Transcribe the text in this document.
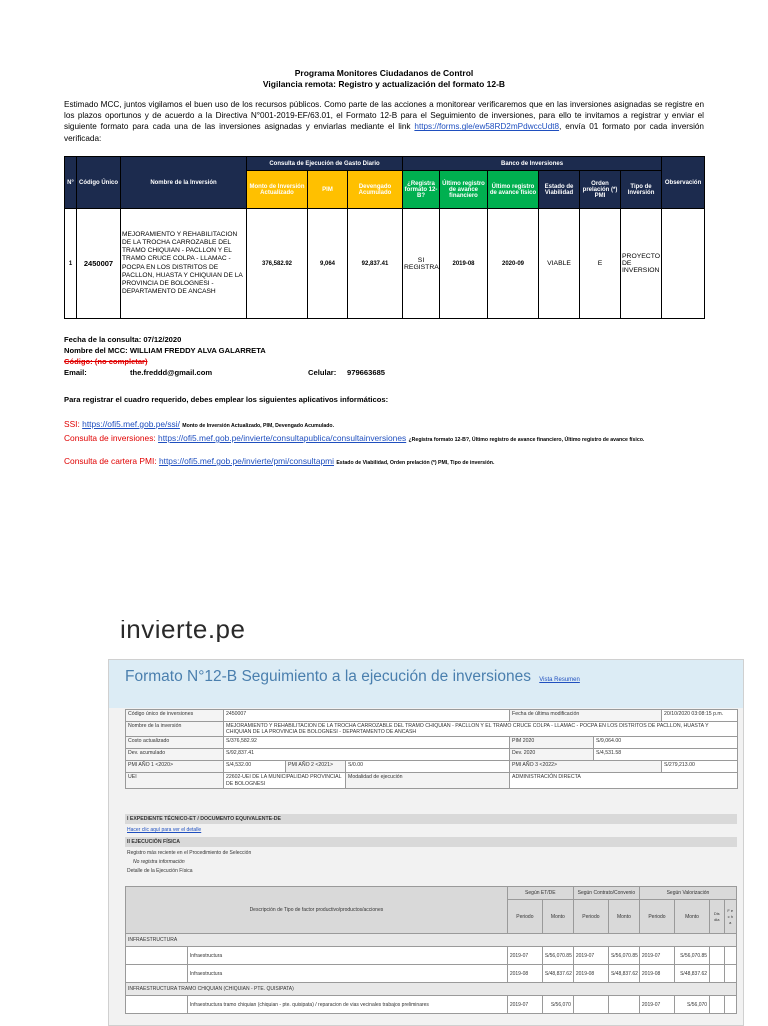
Programa Monitores Ciudadanos de Control
Vigilancia remota: Registro y actualización del formato 12-B
Estimado MCC, juntos vigilamos el buen uso de los recursos públicos. Como parte de las acciones a monitorear verificaremos que en las inversiones asignadas se registre en los plazos oportunos y de acuerdo a la Directiva N°001-2019-EF/63.01, el Formato 12-B para el Seguimiento de inversiones, para ello te invitamos a registrar y enviar el siguiente formato para cada una de las inversiones asignadas y enviarlas mediante el link https://forms.gle/ew58RD2mPdwccUdt8, envía 01 formato por cada inversión verificada:
N°	Código Único	Nombre de la Inversión	Consulta de Ejecución de Gasto Diario			Banco de Inversiones						Observación
			Monto de Inversión Actualizado	PIM	Devengado Acumulado	¿Registra formato 12-B?	Último registro de avance financiero	Último registro de avance físico	Estado de Viabilidad	Orden prelación (*) PMI	Tipo de Inversión	
1	2450007	MEJORAMIENTO Y REHABILITACION DE LA TROCHA CARROZABLE DEL TRAMO CHIQUIAN - PACLLON Y EL TRAMO CRUCE COLPA - LLAMAC - POCPA EN LOS DISTRITOS DE PACLLON, HUASTA Y CHIQUIAN DE LA PROVINCIA DE BOLOGNESI - DEPARTAMENTO DE ANCASH	376,582.92	9,064	92,837.41	SI REGISTRA	2019-08	2020-09	VIABLE	E	PROYECTO DE INVERSION	
Fecha de la consulta: 07/12/2020
Nombre del MCC: WILLIAM FREDDY ALVA GALARRETA
Código: (no completar)
Email:	the.freddd@gmail.com	Celular: 979663685
Para registrar el cuadro requerido, debes emplear los siguientes aplicativos informáticos:
SSI: https://ofi5.mef.gob.pe/ssi/ Monto de Inversión Actualizado, PIM, Devengado Acumulado.
Consulta de inversiones: https://ofi5.mef.gob.pe/invierte/consultapublica/consultainversiones ¿Registra formato 12-B?, Último registro de avance financiero, Último registro de avance físico.
Consulta de cartera PMI: https://ofi5.mef.gob.pe/invierte/pmi/consultapmi Estado de Viabilidad, Orden prelación (*) PMI, Tipo de inversión.
invierte.pe
Formato N°12-B Seguimiento a la ejecución de inversiones Vista Resumen
Código único de inversiones	2450007			Fecha de última modificación		20/10/2020 03:08:15 p.m.
Nombre de la inversión	MEJORAMIENTO Y REHABILITACION DE LA TROCHA CARROZABLE DEL TRAMO CHIQUIAN - PACLLON Y EL TRAMO CRUCE COLPA - LLAMAC - POCPA EN LOS DISTRITOS DE PACLLON, HUASTA Y CHIQUIAN DE LA PROVINCIA DE BOLOGNESI - DEPARTAMENTO DE ANCASH					
Costo actualizado	S/376,582.92			PIM 2020	S/9,064.00	
Dev. acumulado	S/92,837.41			Dev. 2020	S/4,531.58	
PMI AÑO 1 <2020>	S/4,532.00	PMI AÑO 2 <2021>	S/0.00	PMI AÑO 3 <2022>		S/279,213.00
UEI	22602-UEI DE LA MUNICIPALIDAD PROVINCIAL DE BOLOGNESI		Modalidad de ejecución	ADMINISTRACIÓN DIRECTA		
I EXPEDIENTE TÉCNICO-ET / DOCUMENTO EQUIVALENTE-DE
Hacer clic aquí para ver el detalle
II EJECUCIÓN FÍSICA
Registro más reciente en el Procedimiento de Selección
No registra información
Detalle de la Ejecución Física
Descripción de Tipo de factor productivo/productos/acciones		Según ET/DE		Según Contrato/Convenio		Según Valorización			
		Periodo	Monto	Periodo	Monto	Periodo	Monto	Dis dia	F e c h a
INFRAESTRUCTURA									
	Infraestructura	2019-07	S/56,070.85	2019-07	S/56,070.85	2019-07	S/56,070.85		
	Infraestructura	2019-08	S/48,837.62	2019-08	S/48,837.62	2019-08	S/48,837.62		
INFRAESTRUCTURA TRAMO CHIQUIAN (CHIQUIAN - PTE. QUISIPATA)									
	Infraestructura tramo chiquian (chiquian - pte. quisipata) / reparacion de vias vecinales trabajos preliminares	2019-07	S/56,070			2019-07	S/56,070		
